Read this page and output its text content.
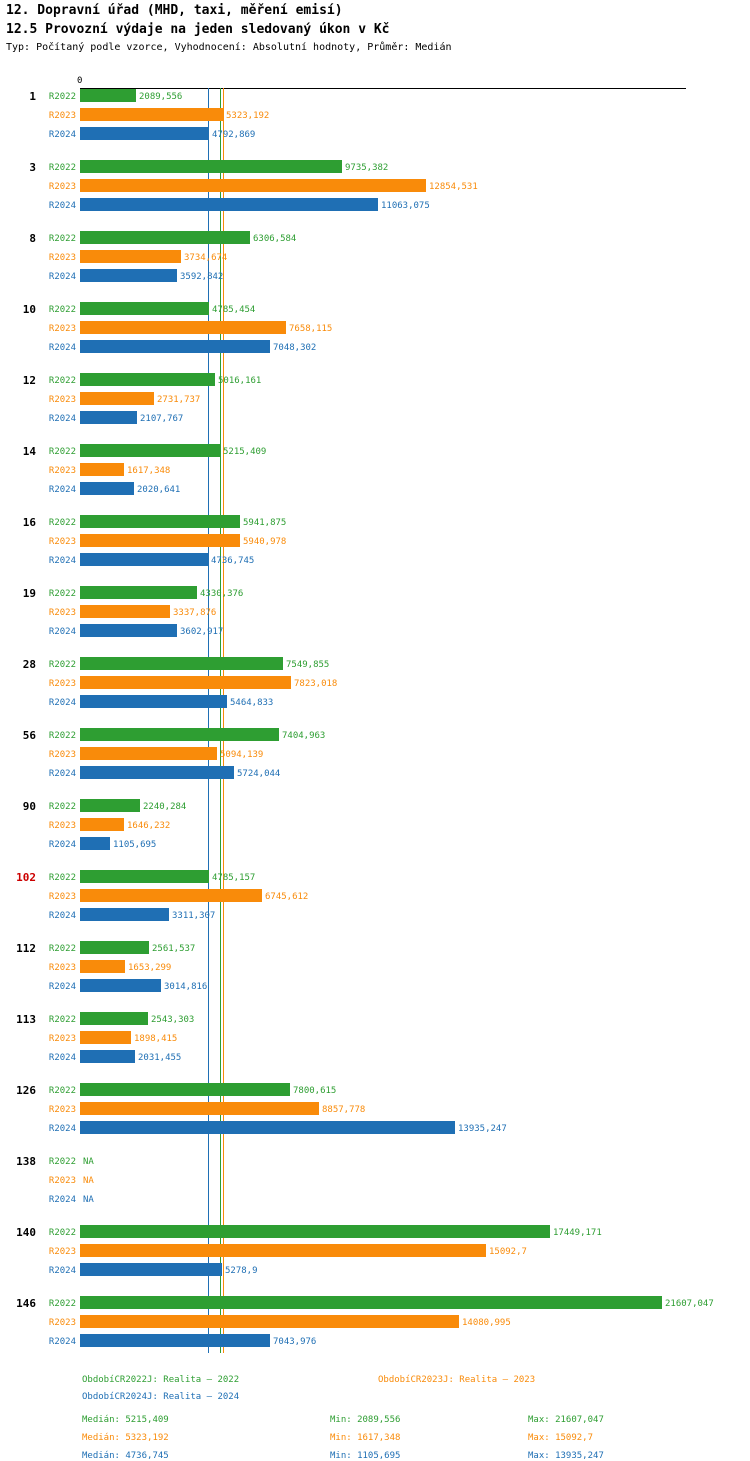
12. Dopravní úřad (MHD, taxi, měření emisí)
12.5 Provozní výdaje na jeden sledovaný úkon v Kč
Typ: Počítaný podle vzorce, Vyhodnocení: Absolutní hodnoty, Průměr: Medián
0
1	R2022	2089,556
R2023	5323,192
R2024	4792,869
3	R2022	9735,382
R2023	12854,531
R2024	11063,075
8	R2022	6306,584
R2023	3734,674
R2024	3592,842
10	R2022	4785,454
R2023	7658,115
R2024	7048,302
12	R2022	5016,161
R2023	2731,737
R2024	2107,767
14	R2022	5215,409
R2023	1617,348
R2024	2020,641
16	R2022	5941,875
R2023	5940,978
R2024	4736,745
19	R2022	4330,376
R2023	3337,876
R2024	3602,917
28	R2022	7549,855
R2023	7823,018
R2024	5464,833
56	R2022	7404,963
R2023	5094,139
R2024	5724,044
90	R2022	2240,284
R2023	1646,232
R2024	1105,695
102	R2022	4785,157
R2023	6745,612
R2024	3311,307
112	R2022	2561,537
R2023	1653,299
R2024	3014,816
113	R2022	2543,303
R2023	1898,415
R2024	2031,455
126	R2022	7800,615
R2023	8857,778
R2024	13935,247
138	R2022 NA
R2023 NA
R2024 NA
140	R2022	17449,171
R2023	15092,7
R2024	5278,9
146	R2022	21607,047
R2023	14080,995
R2024	7043,976
ObdobíCR2022J: Realita – 2022	ObdobíCR2023J: Realita – 2023
ObdobíCR2024J: Realita – 2024
Medián: 5215,409	Min: 2089,556	Max: 21607,047
Medián: 5323,192	Min: 1617,348	Max: 15092,7
Medián: 4736,745	Min: 1105,695	Max: 13935,247
